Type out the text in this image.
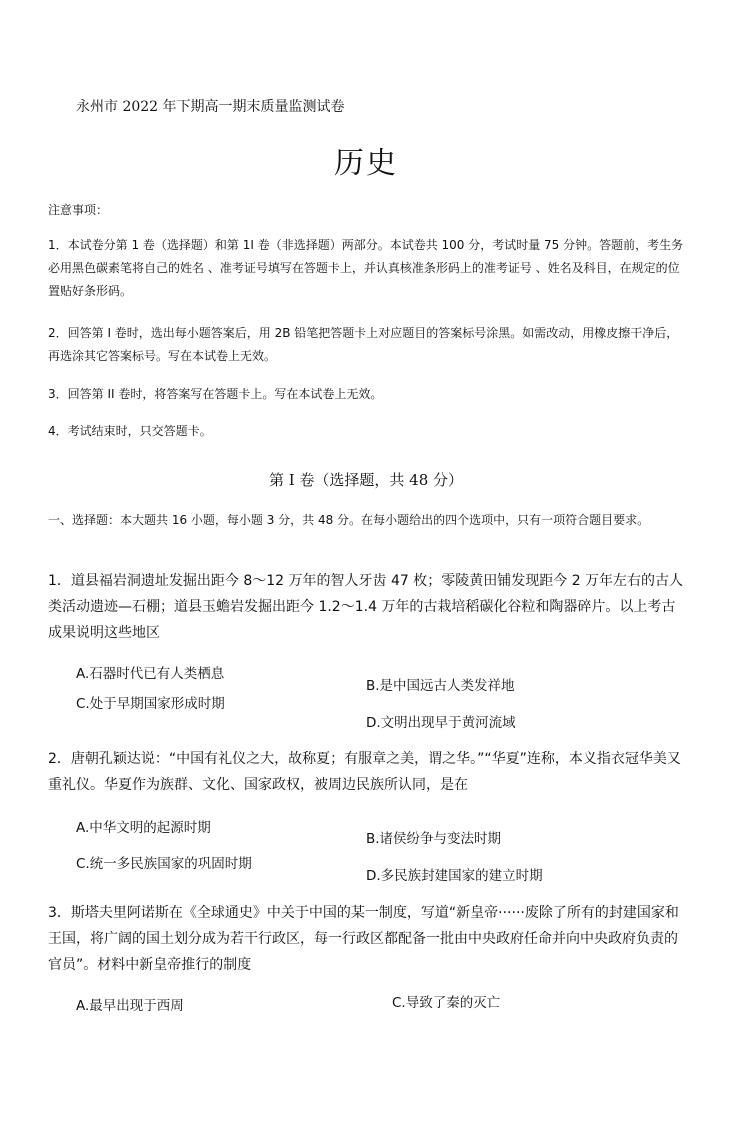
永州市 2022 年下期高一期末质量监测试卷
历史
注意事项：
1．本试卷分第 1 卷（选择题）和第 1I 卷（非选择题）两部分。本试卷共 100 分，考试时量 75 分钟。答题前，考生务必用黑色碳素笔将自己的姓名 、准考证号填写在答题卡上，并认真核准条形码上的准考证号 、姓名及科目，在规定的位置贴好条形码。
2．回答第 I 卷时，选出每小题答案后，用 2B 铅笔把答题卡上对应题目的答案标号涂黑。如需改动，用橡皮擦干净后，再选涂其它答案标号。写在本试卷上无效。
3．回答第 II 卷时，将答案写在答题卡上。写在本试卷上无效。
4．考试结束时，只交答题卡。
第 I 卷（选择题，共 48 分）
一、选择题：本大题共 16 小题，每小题 3 分，共 48 分。在每小题给出的四个选项中，只有一项符合题目要求。
1．道县福岩洞遗址发掘出距今 8～12 万年的智人牙齿 47 枚；零陵黄田铺发现距今 2 万年左右的古人类活动遗迹—石棚；道县玉蟾岩发掘出距今 1.2～1.4 万年的古栽培稻碳化谷粒和陶器碎片。以上考古成果说明这些地区
A.石器时代已有人类栖息
B.是中国远古人类发祥地
C.处于早期国家形成时期
D.文明出现早于黄河流域
2．唐朝孔颖达说：“中国有礼仪之大，故称夏；有服章之美，谓之华。”“华夏”连称，本义指衣冠华美又重礼仪。华夏作为族群、文化、国家政权，被周边民族所认同，是在
A.中华文明的起源时期
B.诸侯纷争与变法时期
C.统一多民族国家的巩固时期
D.多民族封建国家的建立时期
3．斯塔夫里阿诺斯在《全球通史》中关于中国的某一制度，写道“新皇帝······废除了所有的封建国家和王国，将广阔的国土划分成为若干行政区，每一行政区都配备一批由中央政府任命并向中央政府负责的官员”。材料中新皇帝推行的制度
A.最早出现于西周	C.导致了秦的灭亡
